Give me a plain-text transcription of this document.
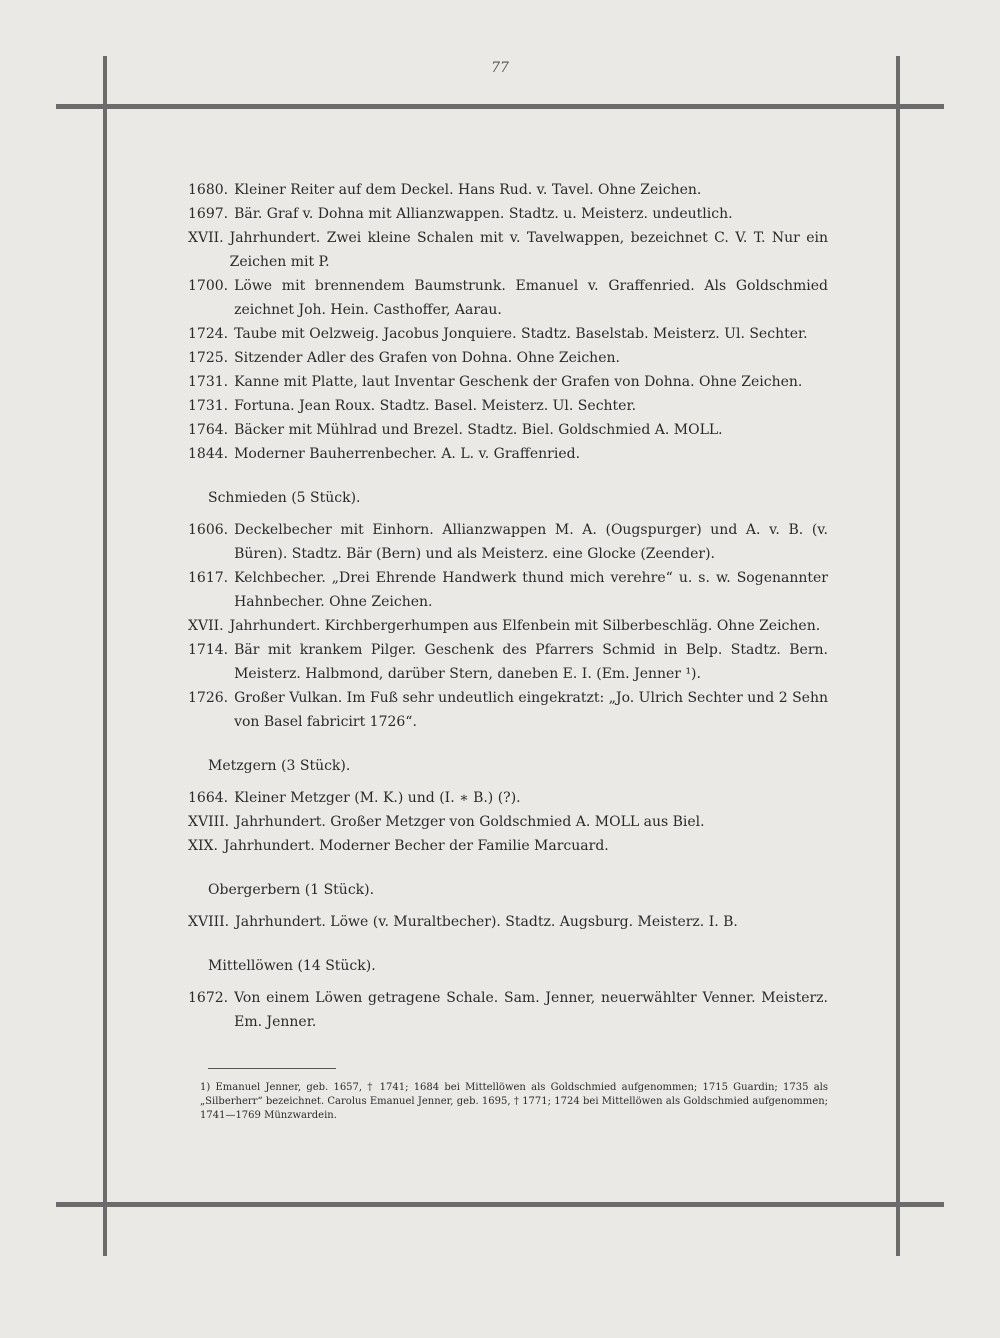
77
1680. Kleiner Reiter auf dem Deckel. Hans Rud. v. Tavel. Ohne Zeichen.
1697. Bär. Graf v. Dohna mit Allianzwappen. Stadtz. u. Meisterz. undeutlich.
XVII. Jahrhundert. Zwei kleine Schalen mit v. Tavelwappen, bezeichnet C. V. T. Nur ein Zeichen mit P.
1700. Löwe mit brennendem Baumstrunk. Emanuel v. Graffenried. Als Goldschmied zeichnet Joh. Hein. Casthoffer, Aarau.
1724. Taube mit Oelzweig. Jacobus Jonquiere. Stadtz. Baselstab. Meisterz. Ul. Sechter.
1725. Sitzender Adler des Grafen von Dohna. Ohne Zeichen.
1731. Kanne mit Platte, laut Inventar Geschenk der Grafen von Dohna. Ohne Zeichen.
1731. Fortuna. Jean Roux. Stadtz. Basel. Meisterz. Ul. Sechter.
1764. Bäcker mit Mühlrad und Brezel. Stadtz. Biel. Goldschmied A. MOLL.
1844. Moderner Bauherrenbecher. A. L. v. Graffenried.
Schmieden (5 Stück).
1606. Deckelbecher mit Einhorn. Allianzwappen M. A. (Ougspurger) und A. v. B. (v. Büren). Stadtz. Bär (Bern) und als Meisterz. eine Glocke (Zeender).
1617. Kelchbecher. „Drei Ehrende Handwerk thund mich verehre“ u. s. w. Sogenannter Hahnbecher. Ohne Zeichen.
XVII. Jahrhundert. Kirchbergerhumpen aus Elfenbein mit Silberbeschläg. Ohne Zeichen.
1714. Bär mit krankem Pilger. Geschenk des Pfarrers Schmid in Belp. Stadtz. Bern. Meisterz. Halbmond, darüber Stern, daneben E. I. (Em. Jenner ¹).
1726. Großer Vulkan. Im Fuß sehr undeutlich eingekratzt: „Jo. Ulrich Sechter und 2 Sehn von Basel fabricirt 1726“.
Metzgern (3 Stück).
1664. Kleiner Metzger (M. K.) und (I. ∗ B.) (?).
XVIII. Jahrhundert. Großer Metzger von Goldschmied A. MOLL aus Biel.
XIX. Jahrhundert. Moderner Becher der Familie Marcuard.
Obergerbern (1 Stück).
XVIII. Jahrhundert. Löwe (v. Muraltbecher). Stadtz. Augsburg. Meisterz. I. B.
Mittellöwen (14 Stück).
1672. Von einem Löwen getragene Schale. Sam. Jenner, neuerwählter Venner. Meisterz. Em. Jenner.
1) Emanuel Jenner, geb. 1657, † 1741; 1684 bei Mittellöwen als Goldschmied aufgenommen; 1715 Guardin; 1735 als „Silberherr“ bezeichnet. Carolus Emanuel Jenner, geb. 1695, † 1771; 1724 bei Mittellöwen als Goldschmied aufgenommen; 1741—1769 Münzwardein.
